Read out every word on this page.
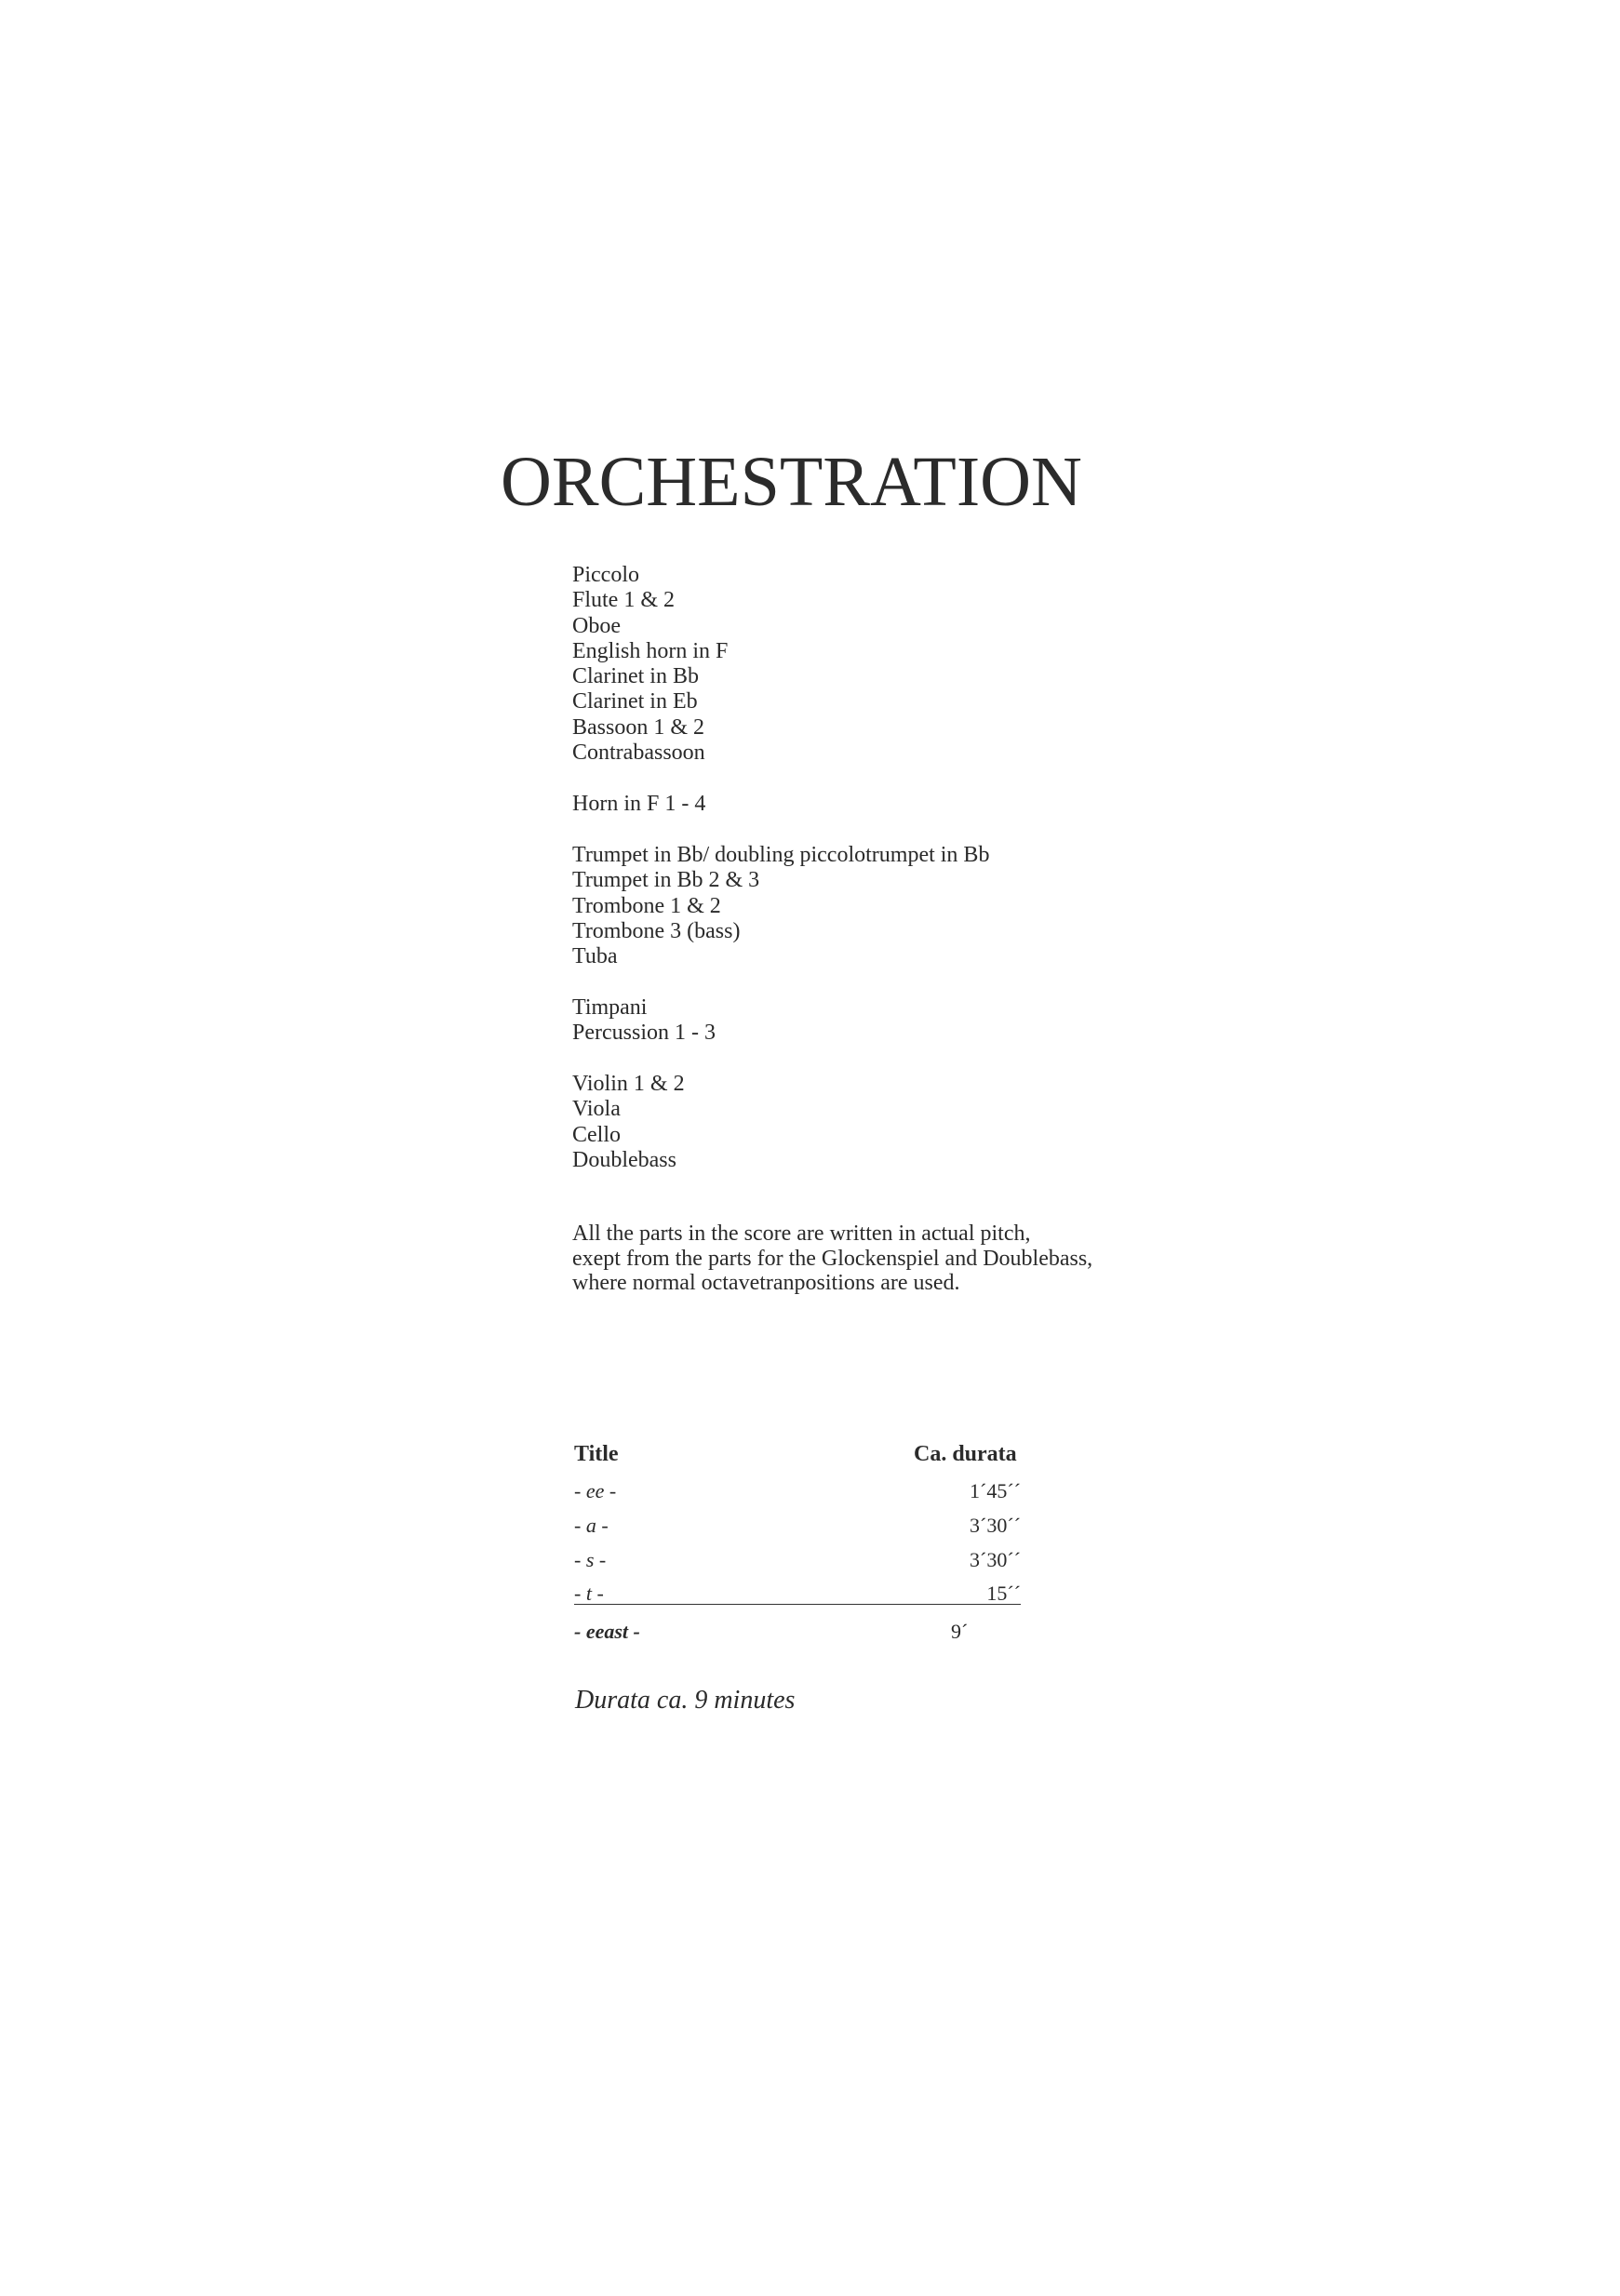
ORCHESTRATION
Piccolo
Flute 1 & 2
Oboe
English horn in F
Clarinet in Bb
Clarinet in Eb
Bassoon 1 & 2
Contrabassoon
Horn in F 1 - 4
Trumpet in Bb/ doubling piccolotrumpet in Bb
Trumpet in Bb 2 & 3
Trombone 1 & 2
Trombone 3 (bass)
Tuba
Timpani
Percussion 1 - 3
Violin 1 & 2
Viola
Cello
Doublebass
All the parts in the score are written in actual pitch,
exept from the parts for the Glockenspiel and Doublebass,
where normal octavetranpositions are used.
Title	Ca. durata
- ee -	1´45´´
- a -	3´30´´
- s -	3´30´´
- t -	15´´
- eeast -	9´
Durata ca. 9 minutes
